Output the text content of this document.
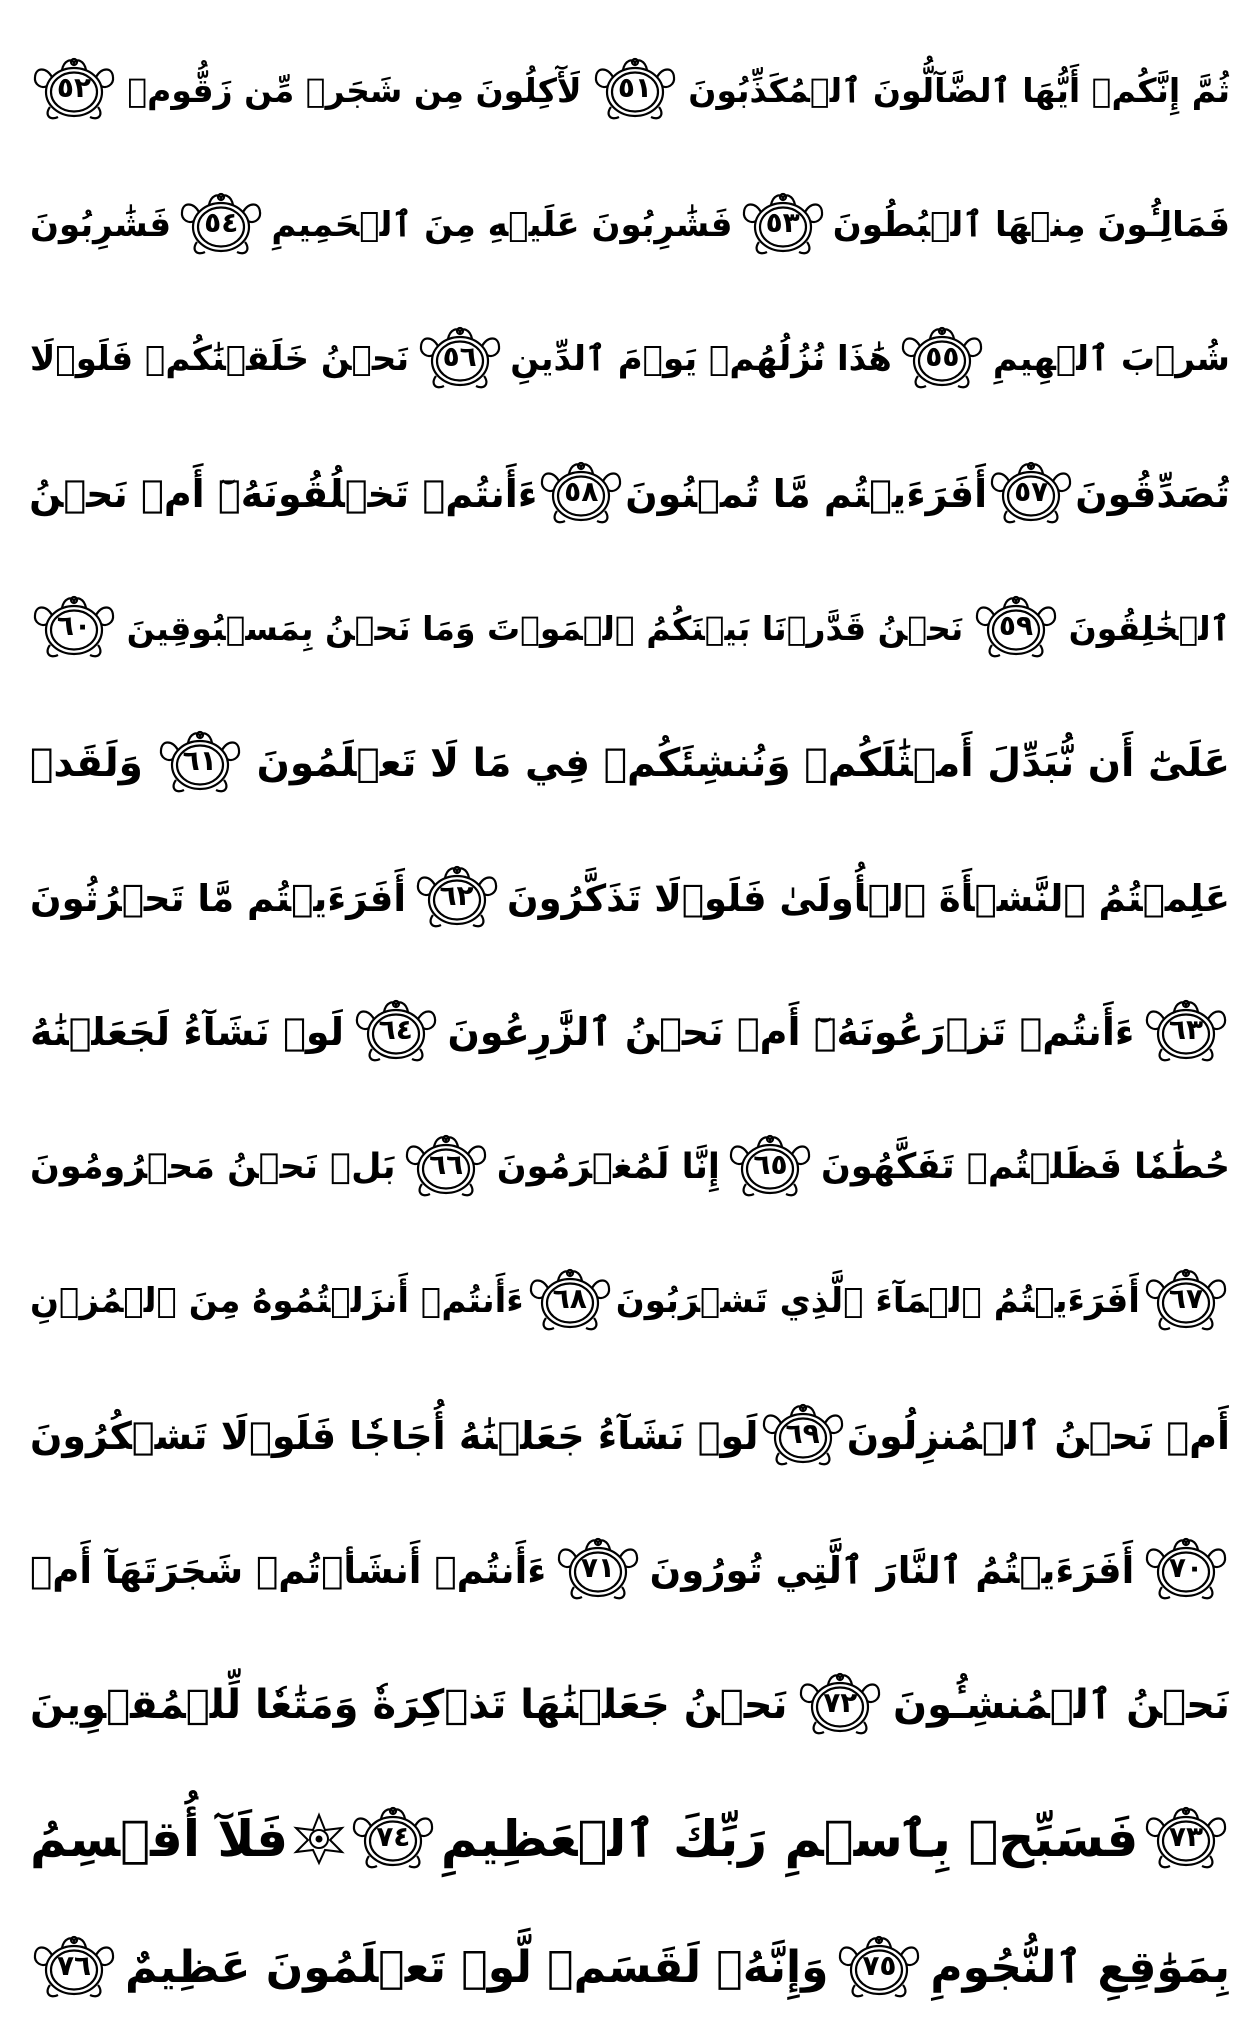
ثُمَّ إِنَّكُمۡ أَيُّهَا ٱلضَّآلُّونَ ٱلۡمُكَذِّبُونَ
٥١
لَأٓكِلُونَ مِن شَجَرٖ مِّن زَقُّومٖ
٥٢
فَمَالِـُٔونَ مِنۡهَا ٱلۡبُطُونَ
٥٣
فَشَٰرِبُونَ عَلَيۡهِ مِنَ ٱلۡحَمِيمِ
٥٤
فَشَٰرِبُونَ
شُرۡبَ ٱلۡهِيمِ
٥٥
هَٰذَا نُزُلُهُمۡ يَوۡمَ ٱلدِّينِ
٥٦
نَحۡنُ خَلَقۡنَٰكُمۡ فَلَوۡلَا
تُصَدِّقُونَ
٥٧
أَفَرَءَيۡتُم مَّا تُمۡنُونَ
٥٨
ءَأَنتُمۡ تَخۡلُقُونَهُۥٓ أَمۡ نَحۡنُ
ٱلۡخَٰلِقُونَ
٥٩
نَحۡنُ قَدَّرۡنَا بَيۡنَكُمُ ٱلۡمَوۡتَ وَمَا نَحۡنُ بِمَسۡبُوقِينَ
٦٠
عَلَىٰٓ أَن نُّبَدِّلَ أَمۡثَٰلَكُمۡ وَنُنشِئَكُمۡ فِي مَا لَا تَعۡلَمُونَ
٦١
وَلَقَدۡ
عَلِمۡتُمُ ٱلنَّشۡأَةَ ٱلۡأُولَىٰ فَلَوۡلَا تَذَكَّرُونَ
٦٢
أَفَرَءَيۡتُم مَّا تَحۡرُثُونَ
٦٣
ءَأَنتُمۡ تَزۡرَعُونَهُۥٓ أَمۡ نَحۡنُ ٱلزَّٰرِعُونَ
٦٤
لَوۡ نَشَآءُ لَجَعَلۡنَٰهُ
حُطَٰمٗا فَظَلۡتُمۡ تَفَكَّهُونَ
٦٥
إِنَّا لَمُغۡرَمُونَ
٦٦
بَلۡ نَحۡنُ مَحۡرُومُونَ
٦٧
أَفَرَءَيۡتُمُ ٱلۡمَآءَ ٱلَّذِي تَشۡرَبُونَ
٦٨
ءَأَنتُمۡ أَنزَلۡتُمُوهُ مِنَ ٱلۡمُزۡنِ
أَمۡ نَحۡنُ ٱلۡمُنزِلُونَ
٦٩
لَوۡ نَشَآءُ جَعَلۡنَٰهُ أُجَاجٗا فَلَوۡلَا تَشۡكُرُونَ
٧٠
أَفَرَءَيۡتُمُ ٱلنَّارَ ٱلَّتِي تُورُونَ
٧١
ءَأَنتُمۡ أَنشَأۡتُمۡ شَجَرَتَهَآ أَمۡ
نَحۡنُ ٱلۡمُنشِـُٔونَ
٧٢
نَحۡنُ جَعَلۡنَٰهَا تَذۡكِرَةٗ وَمَتَٰعٗا لِّلۡمُقۡوِينَ
٧٣
فَسَبِّحۡ بِٱسۡمِ رَبِّكَ ٱلۡعَظِيمِ
٧٤
فَلَآ أُقۡسِمُ
بِمَوَٰقِعِ ٱلنُّجُومِ
٧٥
وَإِنَّهُۥ لَقَسَمٞ لَّوۡ تَعۡلَمُونَ عَظِيمٌ
٧٦
